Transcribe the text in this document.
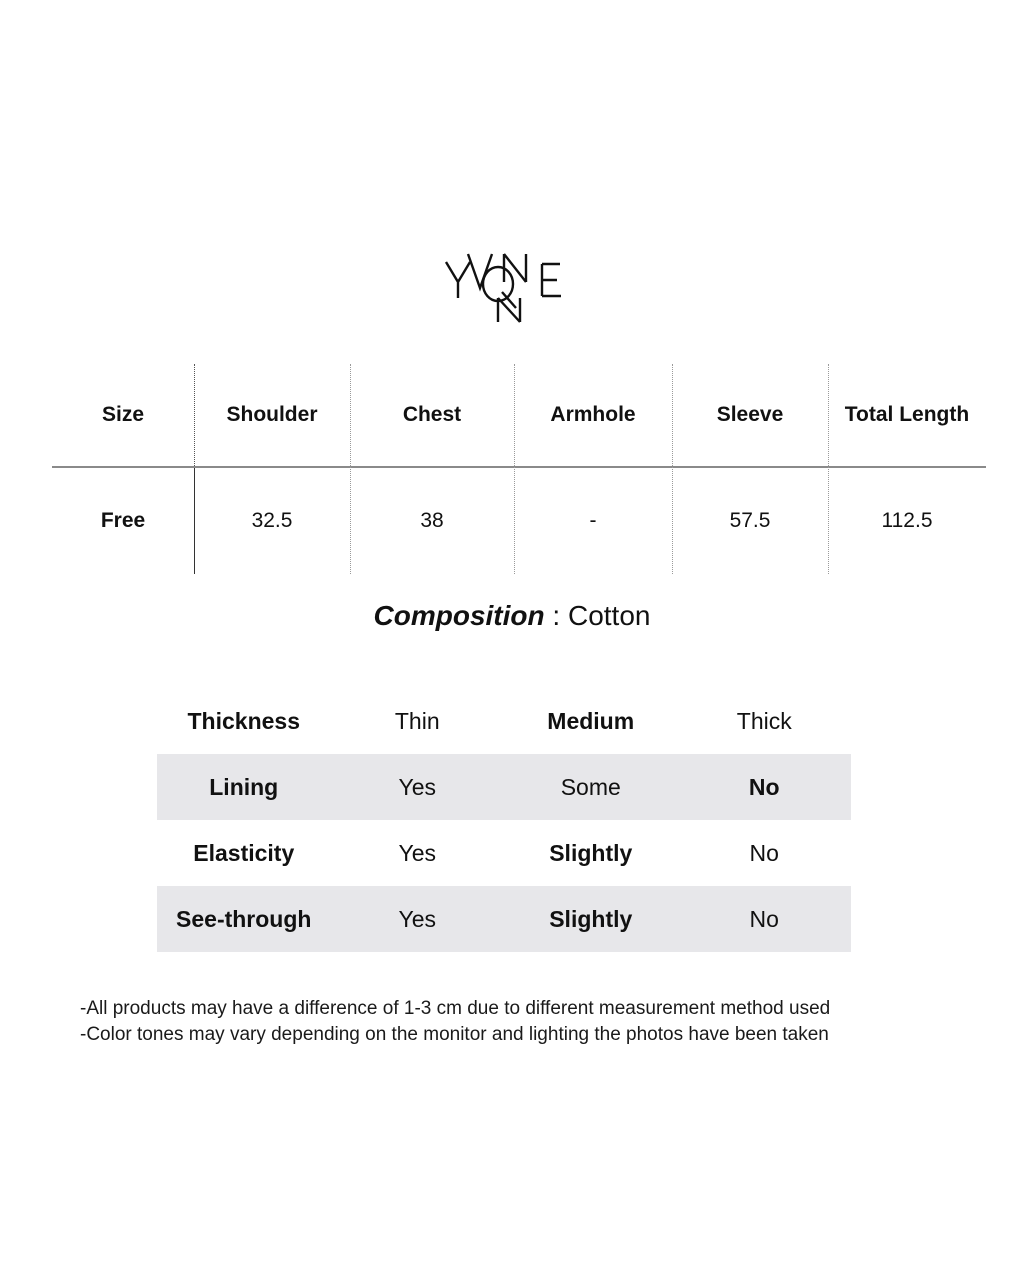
Size	Shoulder	Chest	Armhole	Sleeve	Total Length
Free	32.5	38	-	57.5	112.5
Composition : Cotton
Thickness	Thin	Medium	Thick
Lining	Yes	Some	No
Elasticity	Yes	Slightly	No
See-through	Yes	Slightly	No
-All products may have a difference of 1-3 cm due to different measurement method used
-Color tones may vary depending on the monitor and lighting the photos have been taken
